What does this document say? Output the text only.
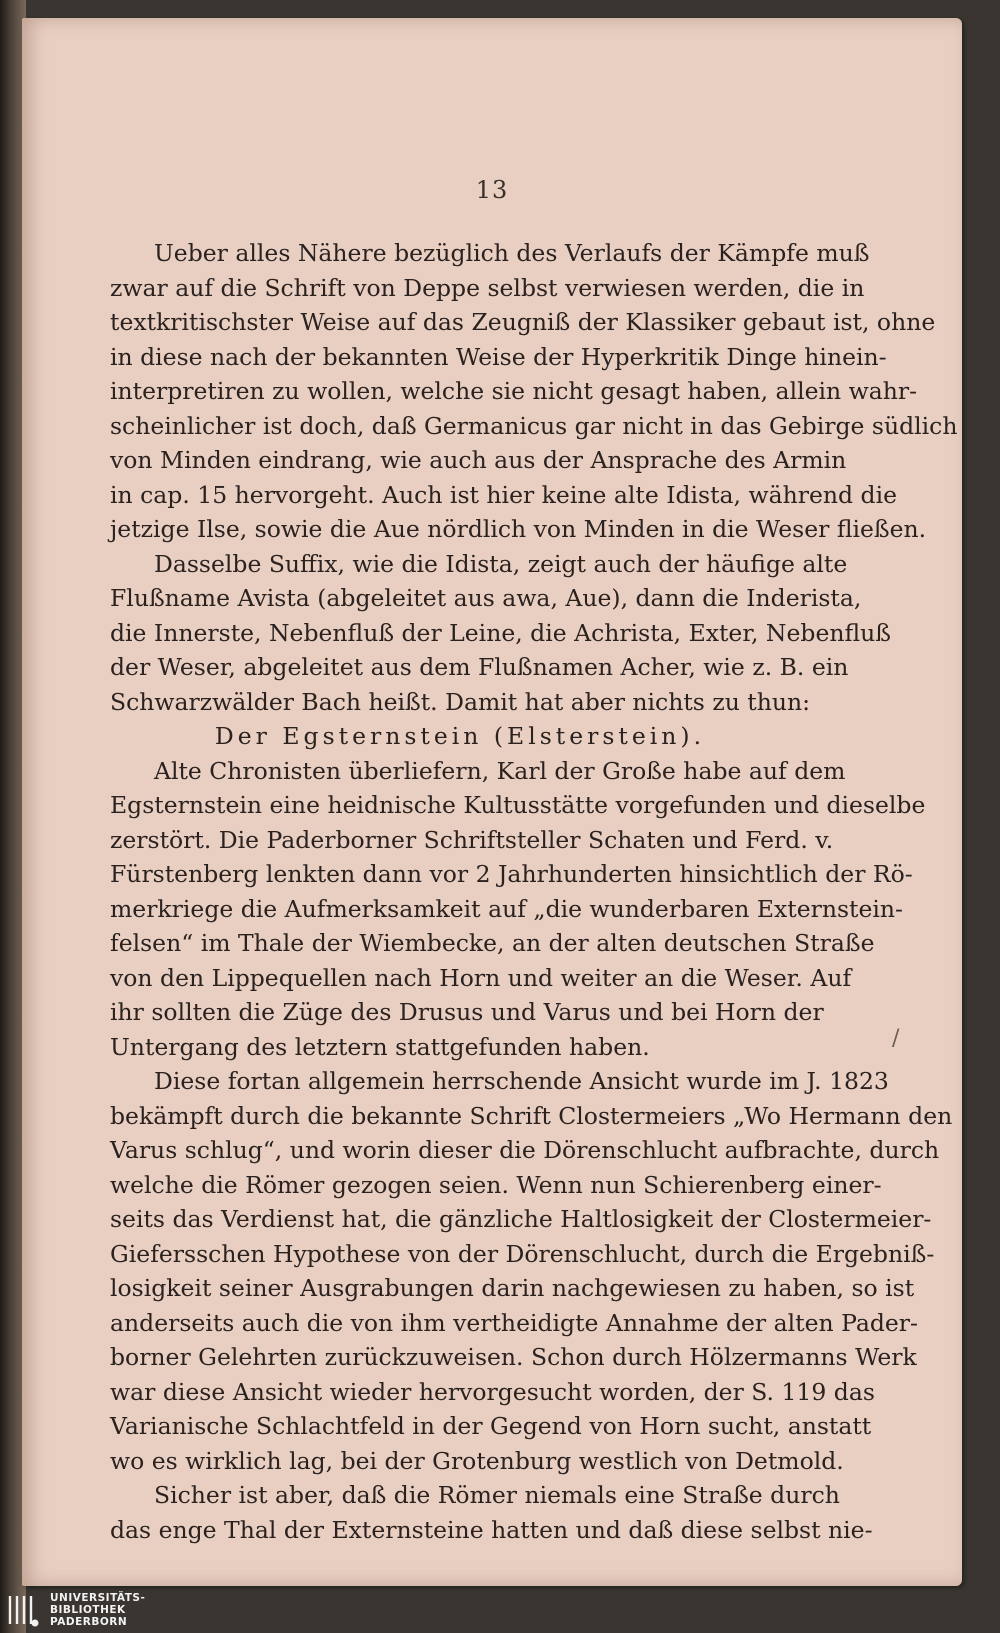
13
Ueber alles Nähere bezüglich des Verlaufs der Kämpfe muß
zwar auf die Schrift von Deppe selbst verwiesen werden, die in
textkritischster Weise auf das Zeugniß der Klassiker gebaut ist, ohne
in diese nach der bekannten Weise der Hyperkritik Dinge hinein-
interpretiren zu wollen, welche sie nicht gesagt haben, allein wahr-
scheinlicher ist doch, daß Germanicus gar nicht in das Gebirge südlich
von Minden eindrang, wie auch aus der Ansprache des Armin
in cap. 15 hervorgeht. Auch ist hier keine alte Idista, während die
jetzige Ilse, sowie die Aue nördlich von Minden in die Weser fließen.
Dasselbe Suffix, wie die Idista, zeigt auch der häufige alte
Flußname Avista (abgeleitet aus awa, Aue), dann die Inderista,
die Innerste, Nebenfluß der Leine, die Achrista, Exter, Nebenfluß
der Weser, abgeleitet aus dem Flußnamen Acher, wie z. B. ein
Schwarzwälder Bach heißt. Damit hat aber nichts zu thun:
Der Egsternstein (Elsterstein).
Alte Chronisten überliefern, Karl der Große habe auf dem
Egsternstein eine heidnische Kultusstätte vorgefunden und dieselbe
zerstört. Die Paderborner Schriftsteller Schaten und Ferd. v.
Fürstenberg lenkten dann vor 2 Jahrhunderten hinsichtlich der Rö-
merkriege die Aufmerksamkeit auf „die wunderbaren Externstein-
felsen“ im Thale der Wiembecke, an der alten deutschen Straße
von den Lippequellen nach Horn und weiter an die Weser. Auf
ihr sollten die Züge des Drusus und Varus und bei Horn der
Untergang des letztern stattgefunden haben.
Diese fortan allgemein herrschende Ansicht wurde im J. 1823
bekämpft durch die bekannte Schrift Clostermeiers „Wo Hermann den
Varus schlug“, und worin dieser die Dörenschlucht aufbrachte, durch
welche die Römer gezogen seien. Wenn nun Schierenberg einer-
seits das Verdienst hat, die gänzliche Haltlosigkeit der Clostermeier-
Giefersschen Hypothese von der Dörenschlucht, durch die Ergebniß-
losigkeit seiner Ausgrabungen darin nachgewiesen zu haben, so ist
anderseits auch die von ihm vertheidigte Annahme der alten Pader-
borner Gelehrten zurückzuweisen. Schon durch Hölzermanns Werk
war diese Ansicht wieder hervorgesucht worden, der S. 119 das
Varianische Schlachtfeld in der Gegend von Horn sucht, anstatt
wo es wirklich lag, bei der Grotenburg westlich von Detmold.
Sicher ist aber, daß die Römer niemals eine Straße durch
das enge Thal der Externsteine hatten und daß diese selbst nie-
/
UNIVERSITÄTS-
BIBLIOTHEK
PADERBORN
